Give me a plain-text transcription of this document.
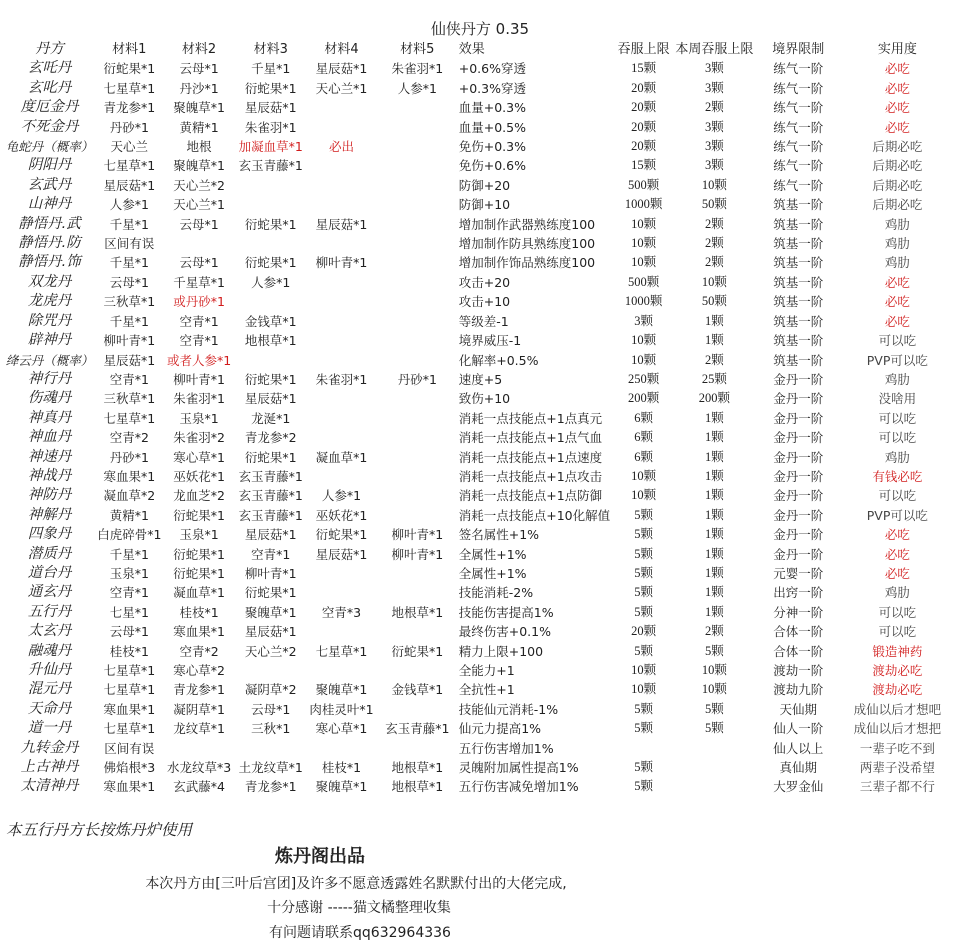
仙侠丹方 0.35
丹方	材料1	材料2	材料3	材料4	材料5	效果	吞服上限	本周吞服上限	境界限制	实用度
玄吒丹	衍蛇果*1	云母*1	千星*1	星辰菇*1	朱雀羽*1	+0.6%穿透	15颗	3颗	练气一阶	必吃
玄叱丹	七星草*1	丹沙*1	衍蛇果*1	天心兰*1	人参*1	+0.3%穿透	20颗	3颗	练气一阶	必吃
度厄金丹	青龙参*1	聚魄草*1	星辰菇*1			血量+0.3%	20颗	2颗	练气一阶	必吃
不死金丹	丹砂*1	黄精*1	朱雀羽*1			血量+0.5%	20颗	3颗	练气一阶	必吃
龟蛇丹（概率）	天心兰	地根	加凝血草*1	必出		免伤+0.3%	20颗	3颗	练气一阶	后期必吃
阴阳丹	七星草*1	聚魄草*1	玄玉青藤*1			免伤+0.6%	15颗	3颗	练气一阶	后期必吃
玄武丹	星辰菇*1	天心兰*2				防御+20	500颗	10颗	练气一阶	后期必吃
山神丹	人参*1	天心兰*1				防御+10	1000颗	50颗	筑基一阶	后期必吃
静悟丹.武	千星*1	云母*1	衍蛇果*1	星辰菇*1		增加制作武器熟练度100	10颗	2颗	筑基一阶	鸡肋
静悟丹.防	区间有误					增加制作防具熟练度100	10颗	2颗	筑基一阶	鸡肋
静悟丹.饰	千星*1	云母*1	衍蛇果*1	柳叶青*1		增加制作饰品熟练度100	10颗	2颗	筑基一阶	鸡肋
双龙丹	云母*1	千星草*1	人参*1			攻击+20	500颗	10颗	筑基一阶	必吃
龙虎丹	三秋草*1	或丹砂*1				攻击+10	1000颗	50颗	筑基一阶	必吃
除咒丹	千星*1	空青*1	金钱草*1			等级差-1	3颗	1颗	筑基一阶	必吃
辟神丹	柳叶青*1	空青*1	地根草*1			境界威压-1	10颗	1颗	筑基一阶	可以吃
绛云丹（概率）	星辰菇*1	或者人参*1				化解率+0.5%	10颗	2颗	筑基一阶	PVP可以吃
神行丹	空青*1	柳叶青*1	衍蛇果*1	朱雀羽*1	丹砂*1	速度+5	250颗	25颗	金丹一阶	鸡肋
伤魂丹	三秋草*1	朱雀羽*1	星辰菇*1			致伤+10	200颗	200颗	金丹一阶	没啥用
神真丹	七星草*1	玉泉*1	龙涎*1			消耗一点技能点+1点真元	6颗	1颗	金丹一阶	可以吃
神血丹	空青*2	朱雀羽*2	青龙参*2			消耗一点技能点+1点气血	6颗	1颗	金丹一阶	可以吃
神速丹	丹砂*1	寒心草*1	衍蛇果*1	凝血草*1		消耗一点技能点+1点速度	6颗	1颗	金丹一阶	鸡肋
神战丹	寒血果*1	巫妖花*1	玄玉青藤*1			消耗一点技能点+1点攻击	10颗	1颗	金丹一阶	有钱必吃
神防丹	凝血草*2	龙血芝*2	玄玉青藤*1	人参*1		消耗一点技能点+1点防御	10颗	1颗	金丹一阶	可以吃
神解丹	黄精*1	衍蛇果*1	玄玉青藤*1	巫妖花*1		消耗一点技能点+10化解值	5颗	1颗	金丹一阶	PVP可以吃
四象丹	白虎碎骨*1	玉泉*1	星辰菇*1	衍蛇果*1	柳叶青*1	签名属性+1%	5颗	1颗	金丹一阶	必吃
潜质丹	千星*1	衍蛇果*1	空青*1	星辰菇*1	柳叶青*1	全属性+1%	5颗	1颗	金丹一阶	必吃
道台丹	玉泉*1	衍蛇果*1	柳叶青*1			全属性+1%	5颗	1颗	元婴一阶	必吃
通玄丹	空青*1	凝血草*1	衍蛇果*1			技能消耗-2%	5颗	1颗	出窍一阶	鸡肋
五行丹	七星*1	桂枝*1	聚魄草*1	空青*3	地根草*1	技能伤害提高1%	5颗	1颗	分神一阶	可以吃
太玄丹	云母*1	寒血果*1	星辰菇*1			最终伤害+0.1%	20颗	2颗	合体一阶	可以吃
融魂丹	桂枝*1	空青*2	天心兰*2	七星草*1	衍蛇果*1	精力上限+100	5颗	5颗	合体一阶	锻造神药
升仙丹	七星草*1	寒心草*2				全能力+1	10颗	10颗	渡劫一阶	渡劫必吃
混元丹	七星草*1	青龙参*1	凝阴草*2	聚魄草*1	金钱草*1	全抗性+1	10颗	10颗	渡劫九阶	渡劫必吃
天命丹	寒血果*1	凝阴草*1	云母*1	肉桂灵叶*1		技能仙元消耗-1%	5颗	5颗	天仙期	成仙以后才想吧
道一丹	七星草*1	龙纹草*1	三秋*1	寒心草*1	玄玉青藤*1	仙元力提高1%	5颗	5颗	仙人一阶	成仙以后才想把
九转金丹	区间有误					五行伤害增加1%			仙人以上	一辈子吃不到
上古神丹	佛焰根*3	水龙纹草*3	土龙纹草*1	桂枝*1	地根草*1	灵魄附加属性提高1%	5颗		真仙期	两辈子没希望
太清神丹	寒血果*1	玄武藤*4	青龙参*1	聚魄草*1	地根草*1	五行伤害减免增加1%	5颗		大罗金仙	三辈子都不行
本五行丹方长按炼丹炉使用
炼丹阁出品
本次丹方由[三叶后宫团]及许多不愿意透露姓名默默付出的大佬完成,
十分感谢 -----猫文橘整理收集
有问题请联系qq632964336
